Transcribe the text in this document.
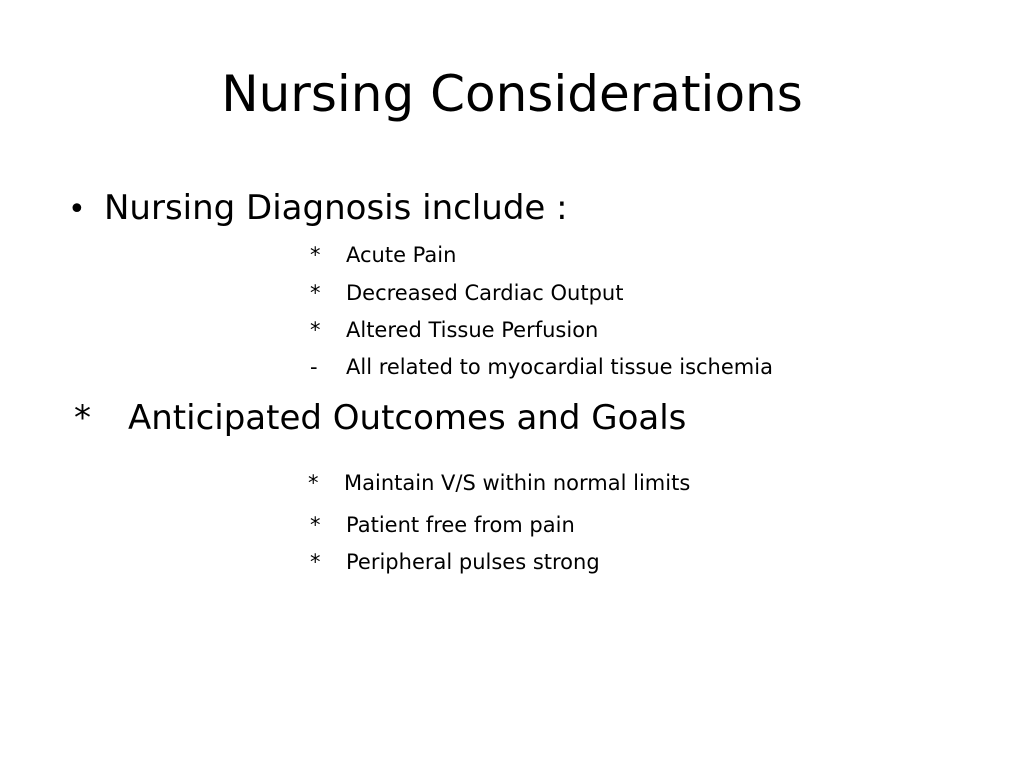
Nursing Considerations
• Nursing Diagnosis include :
* Acute Pain
* Decreased Cardiac Output
* Altered Tissue Perfusion
- All related to myocardial tissue ischemia
* Anticipated Outcomes and Goals
* Maintain V/S within normal limits
* Patient free from pain
* Peripheral pulses strong
